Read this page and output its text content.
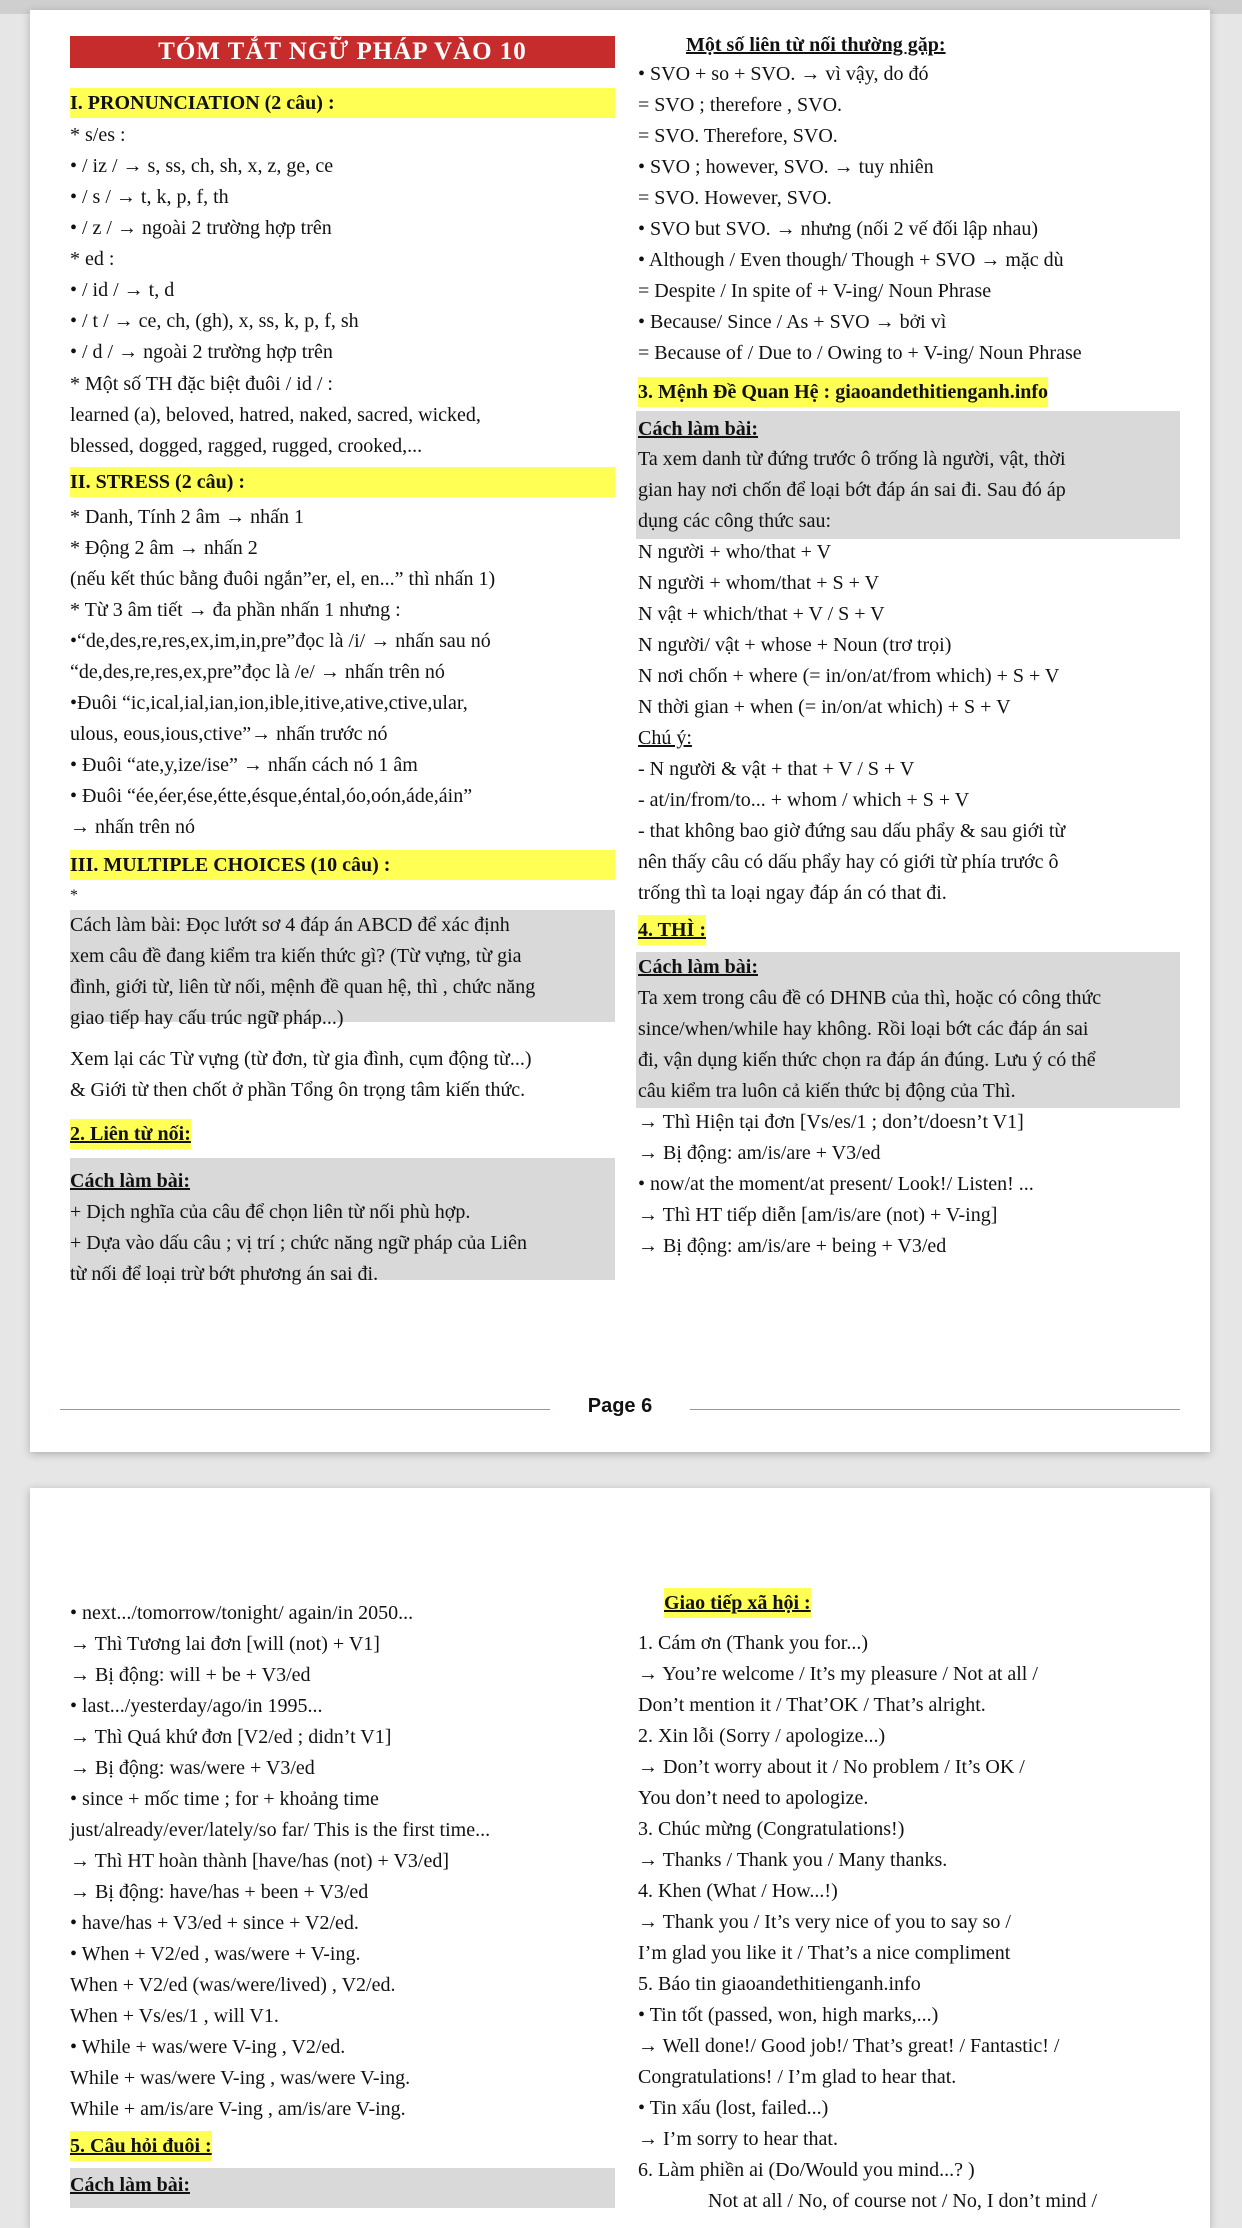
TÓM TẮT NGỮ PHÁP VÀO 10
I. PRONUNCIATION (2 câu) :
* s/es :
• / iz / → s, ss, ch, sh, x, z, ge, ce
• / s / → t, k, p, f, th
• / z / → ngoài 2 trường hợp trên
* ed :
• / id / → t, d
• / t / → ce, ch, (gh), x, ss, k, p, f, sh
• / d / → ngoài 2 trường hợp trên
* Một số TH đặc biệt đuôi / id / :
learned (a), beloved, hatred, naked, sacred, wicked,
blessed, dogged, ragged, rugged, crooked,...
II. STRESS (2 câu) :
* Danh, Tính 2 âm → nhấn 1
* Động 2 âm → nhấn 2
(nếu kết thúc bằng đuôi ngắn”er, el, en...” thì nhấn 1)
* Từ 3 âm tiết → đa phần nhấn 1 nhưng :
•“de,des,re,res,ex,im,in,pre”đọc là /i/ → nhấn sau nó
“de,des,re,res,ex,pre”đọc là /e/ → nhấn trên nó
•Đuôi “ic,ical,ial,ian,ion,ible,itive,ative,ctive,ular,
ulous, eous,ious,ctive”→ nhấn trước nó
• Đuôi “ate,y,ize/ise” → nhấn cách nó 1 âm
• Đuôi “ée,éer,ése,étte,ésque,éntal,óo,oón,áde,áin”
→ nhấn trên nó
III. MULTIPLE CHOICES (10 câu) :
*
Cách làm bài: Đọc lướt sơ 4 đáp án ABCD để xác định
xem câu đề đang kiểm tra kiến thức gì? (Từ vựng, từ gia
đình, giới từ, liên từ nối, mệnh đề quan hệ, thì , chức năng
giao tiếp hay cấu trúc ngữ pháp...)
Xem lại các Từ vựng (từ đơn, từ gia đình, cụm động từ...)
& Giới từ then chốt ở phần Tổng ôn trọng tâm kiến thức.
2. Liên từ nối:
Cách làm bài:
+ Dịch nghĩa của câu để chọn liên từ nối phù hợp.
+ Dựa vào dấu câu ; vị trí ; chức năng ngữ pháp của Liên
từ nối để loại trừ bớt phương án sai đi.
Một số liên từ nối thường gặp:
• SVO + so + SVO. → vì vậy, do đó
= SVO ; therefore , SVO.
= SVO. Therefore, SVO.
• SVO ; however, SVO. → tuy nhiên
= SVO. However, SVO.
• SVO but SVO. → nhưng (nối 2 vế đối lập nhau)
• Although / Even though/ Though + SVO → mặc dù
= Despite / In spite of + V-ing/ Noun Phrase
• Because/ Since / As + SVO → bởi vì
= Because of / Due to / Owing to + V-ing/ Noun Phrase
3. Mệnh Đề Quan Hệ : giaoandethitienganh.info
Cách làm bài:
Ta xem danh từ đứng trước ô trống là người, vật, thời
gian hay nơi chốn để loại bớt đáp án sai đi. Sau đó áp
dụng các công thức sau:
N người + who/that + V
N người + whom/that + S + V
N vật + which/that + V / S + V
N người/ vật + whose + Noun (trơ trọi)
N nơi chốn + where (= in/on/at/from which) + S + V
N thời gian + when (= in/on/at which) + S + V
Chú ý:
- N người & vật + that + V / S + V
- at/in/from/to... + whom / which + S + V
- that không bao giờ đứng sau dấu phẩy & sau giới từ
nên thấy câu có dấu phẩy hay có giới từ phía trước ô
trống thì ta loại ngay đáp án có that đi.
4. THÌ :
Cách làm bài:
Ta xem trong câu đề có DHNB của thì, hoặc có công thức
since/when/while hay không. Rồi loại bớt các đáp án sai
đi, vận dụng kiến thức chọn ra đáp án đúng. Lưu ý có thể
câu kiểm tra luôn cả kiến thức bị động của Thì.
→ Thì Hiện tại đơn [Vs/es/1 ; don’t/doesn’t V1]
→ Bị động: am/is/are + V3/ed
• now/at the moment/at present/ Look!/ Listen! ...
→ Thì HT tiếp diễn [am/is/are (not) + V-ing]
→ Bị động: am/is/are + being + V3/ed
Page 6
• next.../tomorrow/tonight/ again/in 2050...
→ Thì Tương lai đơn [will (not) + V1]
→ Bị động: will + be + V3/ed
• last.../yesterday/ago/in 1995...
→ Thì Quá khứ đơn [V2/ed ; didn’t V1]
→ Bị động: was/were + V3/ed
• since + mốc time ; for + khoảng time
just/already/ever/lately/so far/ This is the first time...
→ Thì HT hoàn thành [have/has (not) + V3/ed]
→ Bị động: have/has + been + V3/ed
• have/has + V3/ed + since + V2/ed.
• When + V2/ed , was/were + V-ing.
When + V2/ed (was/were/lived) , V2/ed.
When + Vs/es/1 , will V1.
• While + was/were V-ing , V2/ed.
While + was/were V-ing , was/were V-ing.
While + am/is/are V-ing , am/is/are V-ing.
5. Câu hỏi đuôi :
Cách làm bài:
Giao tiếp xã hội :
1. Cám ơn (Thank you for...)
→ You’re welcome / It’s my pleasure / Not at all /
Don’t mention it / That’OK / That’s alright.
2. Xin lỗi (Sorry / apologize...)
→ Don’t worry about it / No problem / It’s OK /
You don’t need to apologize.
3. Chúc mừng (Congratulations!)
→ Thanks / Thank you / Many thanks.
4. Khen (What / How...!)
→ Thank you / It’s very nice of you to say so /
I’m glad you like it / That’s a nice compliment
5. Báo tin giaoandethitienganh.info
• Tin tốt (passed, won, high marks,...)
→ Well done!/ Good job!/ That’s great! / Fantastic! /
Congratulations! / I’m glad to hear that.
• Tin xấu (lost, failed...)
→ I’m sorry to hear that.
6. Làm phiền ai (Do/Would you mind...? )
Not at all / No, of course not / No, I don’t mind /
